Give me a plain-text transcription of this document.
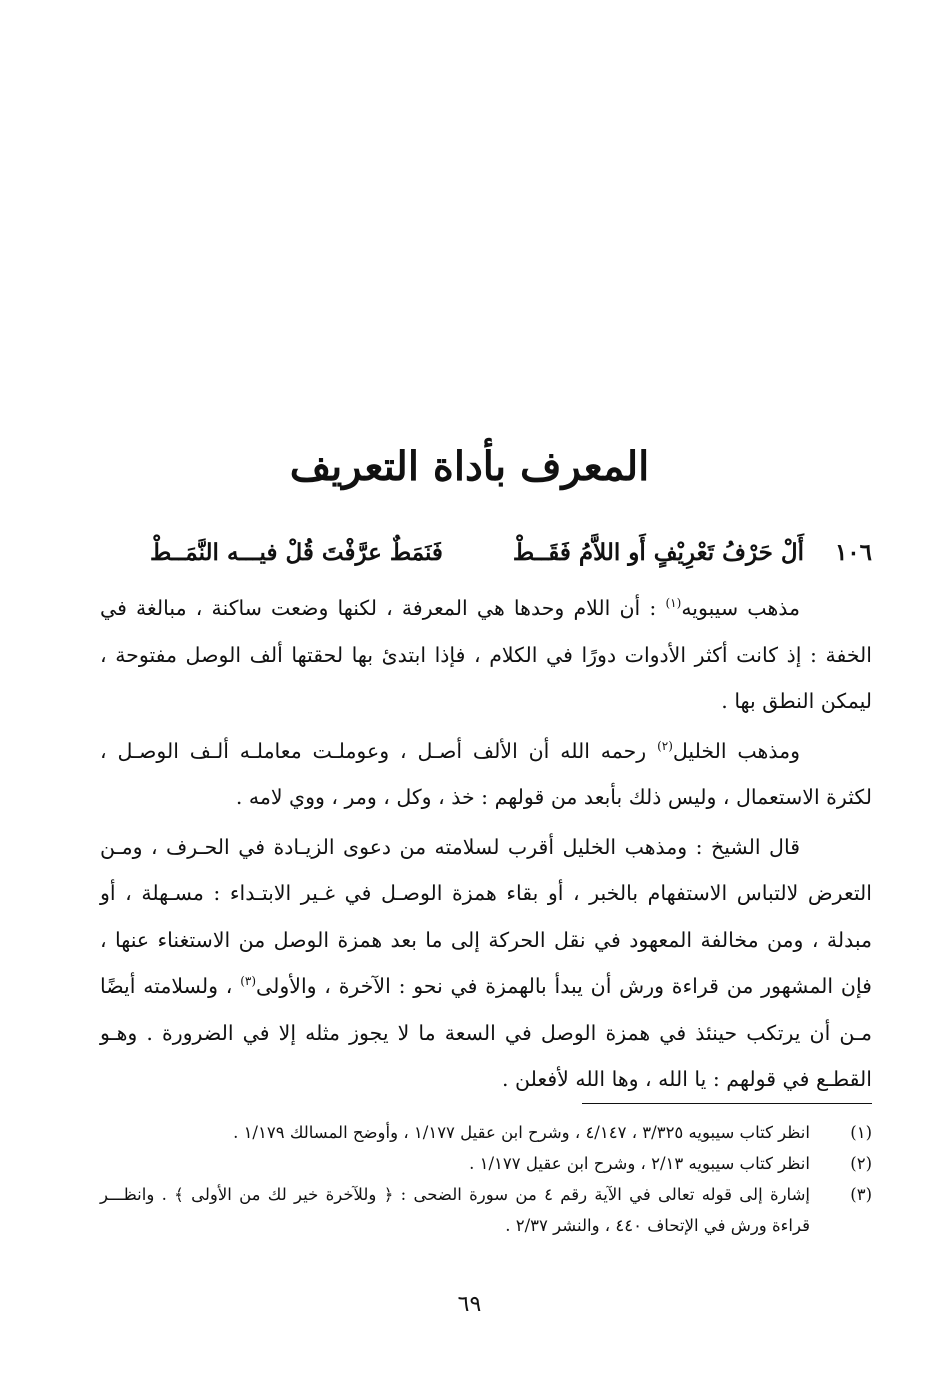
المعرف بأداة التعريف
١٠٦
أَلْ حَرْفُ تَعْرِيْفٍ أَو اللاَّمُ فَقَــطْ
فَنَمَطٌ عرَّفْتَ قُلْ فيـــه النَّمَــطْ

مذهب سيبويه$^{(١)}$ : أن اللام وحدها هي المعرفة ، لكنها وضعت ساكنة ، مبالغة في الخفة : إذ كانت أكثر الأدوات دورًا في الكلام ، فإذا ابتدئ بها لحقتها ألف الوصل مفتوحة ، ليمكن النطق بها .

ومذهب الخليل$^{(٢)}$ رحمه الله أن الألف أصـل ، وعوملـت معاملـه ألـف الوصـل ، لكثرة الاستعمال ، وليس ذلك بأبعد من قولهم : خذ ، وكل ، ومر ، ووي لامه .

قال الشيخ : ومذهب الخليل أقرب لسلامته من دعوى الزيـادة في الحـرف ، ومـن التعرض لالتباس الاستفهام بالخبر ، أو بقاء همزة الوصـل في غـير الابتـداء : مسـهلة ، أو مبدلة ، ومن مخالفة المعهود في نقل الحركة إلى ما بعد همزة الوصل من الاستغناء عنها ، فإن المشهور من قراءة ورش أن يبدأ بالهمزة في نحو : الآخرة ، والأولى$^{(٣)}$ ، ولسلامته أيضًا مـن أن يرتكب حينئذ في همزة الوصل في السعة ما لا يجوز مثله إلا في الضرورة . وهـو القطـع في قولهم : يا الله ، وها الله لأفعلن .

(١)
انظر كتاب سيبويه ٣/٣٢٥ ، ٤/١٤٧ ، وشرح ابن عقيل ١/١٧٧ ، وأوضح المسالك ١/١٧٩ .
(٢)
انظر كتاب سيبويه ٢/١٣ ، وشرح ابن عقيل ١/١٧٧ .
(٣)
إشارة إلى قوله تعالى في الآية رقم ٤ من سورة الضحى : ﴿ وللآخرة خير لك من الأولى ﴾ . وانظـــر قراءة ورش في الإتحاف ٤٤٠ ، والنشر ٢/٣٧ .
٦٩
